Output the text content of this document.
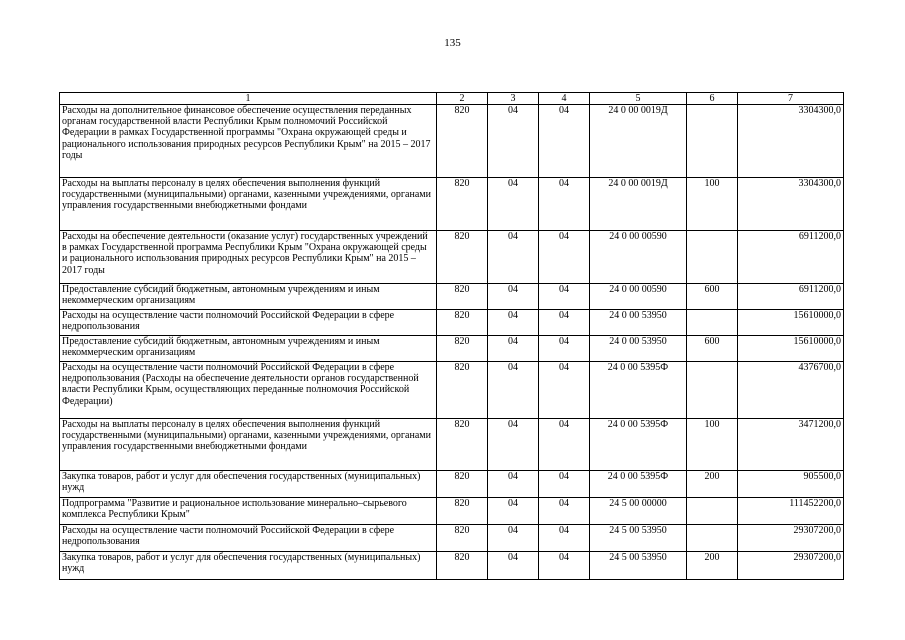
135
1	2	3	4	5	6	7
Расходы на дополнительное финансовое обеспечение осуществления переданных органам государственной власти Республики Крым полномочий Российской Федерации в рамках Государственной программы "Охрана окружающей среды и рационального использования природных ресурсов Республики Крым" на 2015 – 2017 годы	820	04	04	24 0 00 0019Д		3304300,0
Расходы на выплаты персоналу в целях обеспечения выполнения функций государственными (муниципальными) органами, казенными учреждениями, органами управления государственными внебюджетными фондами	820	04	04	24 0 00 0019Д	100	3304300,0
Расходы на обеспечение деятельности (оказание услуг) государственных учреждений в рамках Государственной программа Республики Крым "Охрана окружающей среды и рационального использования природных ресурсов Республики Крым" на 2015 – 2017 годы	820	04	04	24 0 00 00590		6911200,0
Предоставление субсидий бюджетным, автономным учреждениям и иным некоммерческим организациям	820	04	04	24 0 00 00590	600	6911200,0
Расходы на осуществление части полномочий Российской Федерации в сфере недропользования	820	04	04	24 0 00 53950		15610000,0
Предоставление субсидий бюджетным, автономным учреждениям и иным некоммерческим организациям	820	04	04	24 0 00 53950	600	15610000,0
Расходы на осуществление части полномочий Российской Федерации в сфере недропользования (Расходы на обеспечение деятельности органов государственной власти Республики Крым, осуществляющих переданные полномочия Российской Федерации)	820	04	04	24 0 00 5395Ф		4376700,0
Расходы на выплаты персоналу в целях обеспечения выполнения функций государственными (муниципальными) органами, казенными учреждениями, органами управления государственными внебюджетными фондами	820	04	04	24 0 00 5395Ф	100	3471200,0
Закупка товаров, работ и услуг для обеспечения государственных (муниципальных) нужд	820	04	04	24 0 00 5395Ф	200	905500,0
Подпрограмма "Развитие и рациональное использование минерально–сырьевого комплекса Республики Крым"	820	04	04	24 5 00 00000		111452200,0
Расходы на осуществление части полномочий Российской Федерации в сфере недропользования	820	04	04	24 5 00 53950		29307200,0
Закупка товаров, работ и услуг для обеспечения государственных (муниципальных) нужд	820	04	04	24 5 00 53950	200	29307200,0
